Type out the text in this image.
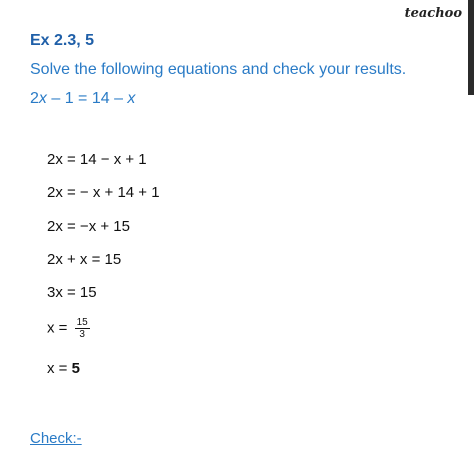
teachoo
Ex 2.3, 5
Solve the following equations and check your results.
2x – 1 = 14 – x
2x = 14 − x + 1
2x = − x + 14 + 1
2x = −x + 15
2x + x = 15
3x = 15
$x = \frac{15}{3}$
x = 5
Check:-
